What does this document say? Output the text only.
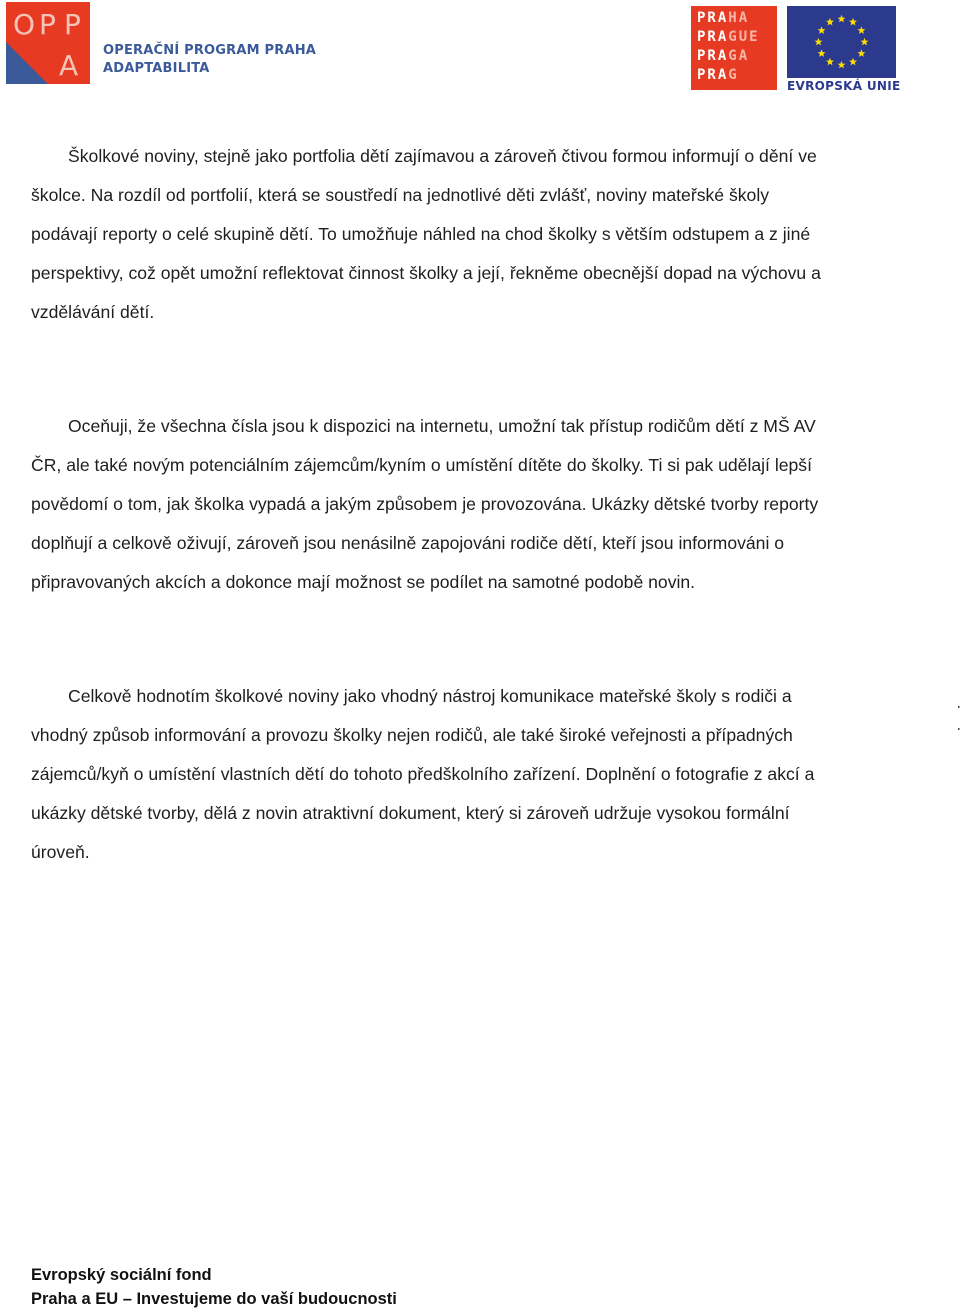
O P P
A OPERAČNÍ PROGRAM PRAHA
ADAPTABILITA
PRAHA
PRAGUE
PRAGA
PRAG
EVROPSKÁ UNIE

Školkové noviny, stejně jako portfolia dětí zajímavou a zároveň čtivou formou informují o dění ve školce. Na rozdíl od portfolií, která se soustředí na jednotlivé děti zvlášť, noviny mateřské školy podávají reporty o celé skupině dětí. To umožňuje náhled na chod školky s větším odstupem a z jiné perspektivy, což opět umožní reflektovat činnost školky a její, řekněme obecnější dopad na výchovu a vzdělávání dětí.

Oceňuji, že všechna čísla jsou k dispozici na internetu, umožní tak přístup rodičům dětí z MŠ AV ČR, ale také novým potenciálním zájemcům/kyním o umístění dítěte do školky. Ti si pak udělají lepší povědomí o tom, jak školka vypadá a jakým způsobem je provozována. Ukázky dětské tvorby reporty doplňují a celkově oživují, zároveň jsou nenásilně zapojováni rodiče dětí, kteří jsou informováni o připravovaných akcích a dokonce mají možnost se podílet na samotné podobě novin.

Celkově hodnotím školkové noviny jako vhodný nástroj komunikace mateřské školy s rodiči a vhodný způsob informování a provozu školky nejen rodičů, ale také široké veřejnosti a případných zájemců/kyň o umístění vlastních dětí do tohoto předškolního zařízení. Doplnění o fotografie z akcí a ukázky dětské tvorby, dělá z novin atraktivní dokument, který si zároveň udržuje vysokou formální úroveň.

Evropský sociální fond
Praha a EU – Investujeme do vaší budoucnosti
